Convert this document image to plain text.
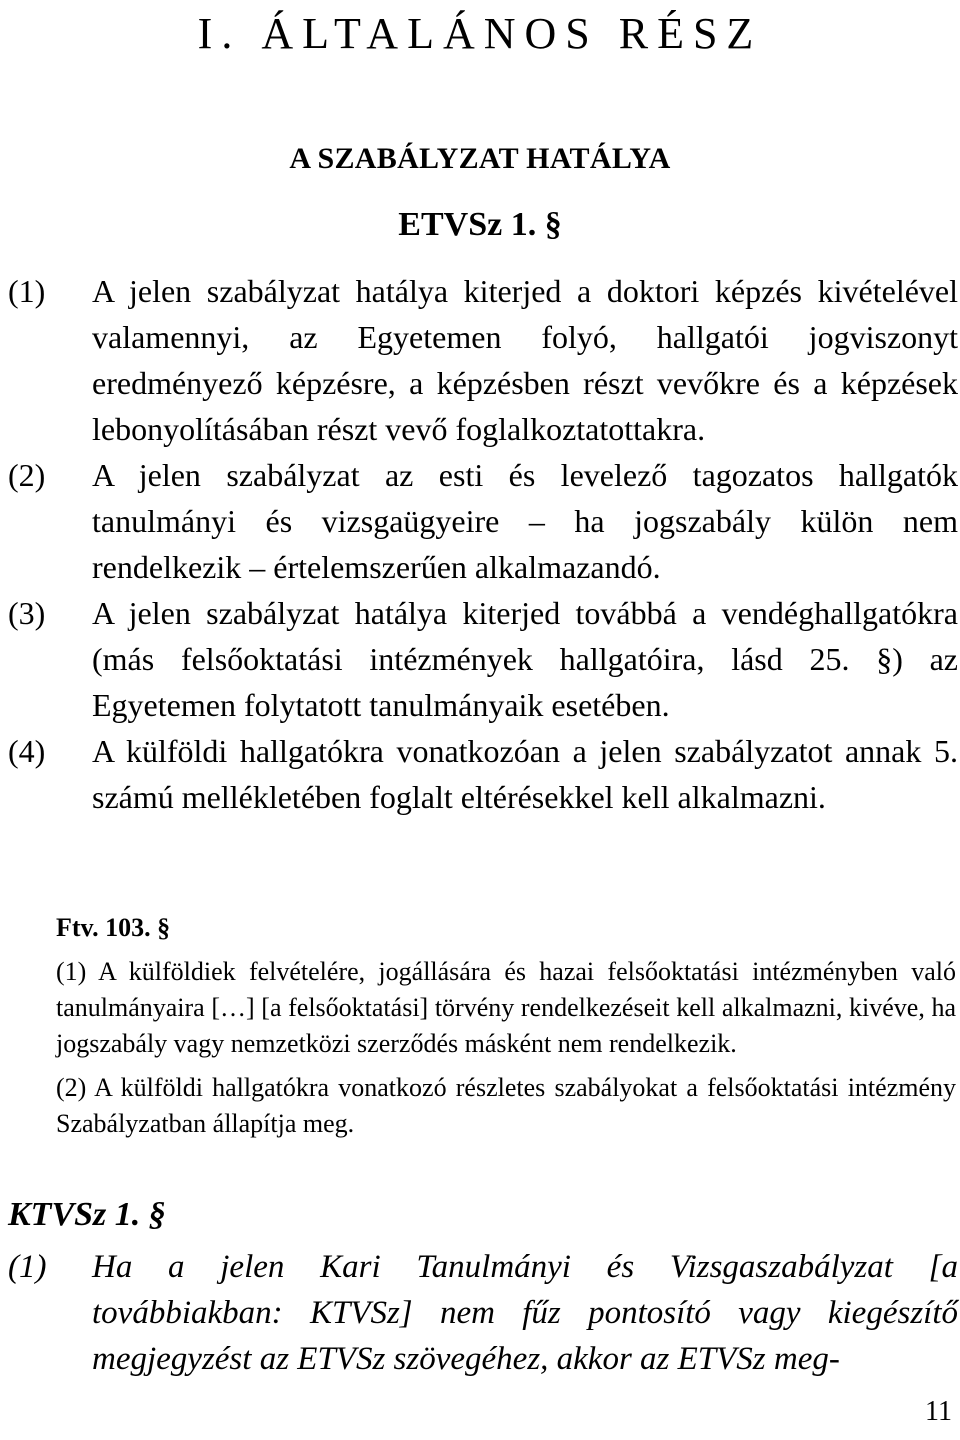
I. ÁLTALÁNOS RÉSZ
A SZABÁLYZAT HATÁLYA
ETVSz 1. §
(1)	A jelen szabályzat hatálya kiterjed a doktori képzés kivételével valamennyi, az Egyetemen folyó, hallgatói jogviszonyt eredményező képzésre, a képzésben részt vevőkre és a képzések lebonyolításában részt vevő foglalkoztatottakra.
(2)	A jelen szabályzat az esti és levelező tagozatos hallgatók tanulmányi és vizsgaügyeire – ha jogszabály külön nem rendelkezik – értelemszerűen alkalmazandó.
(3)	A jelen szabályzat hatálya kiterjed továbbá a vendéghallgatókra (más felsőoktatási intézmények hallgatóira, lásd 25. §) az Egyetemen folytatott tanulmányaik esetében.
(4)	A külföldi hallgatókra vonatkozóan a jelen szabályzatot annak 5. számú mellékletében foglalt eltérésekkel kell alkalmazni.
Ftv. 103. §

(1) A külföldiek felvételére, jogállására és hazai felsőoktatási intézményben való tanulmányaira […] [a felsőoktatási] törvény rendelkezéseit kell alkalmazni, kivéve, ha jogszabály vagy nemzetközi szerződés másként nem rendelkezik.

(2) A külföldi hallgatókra vonatkozó részletes szabályokat a felsőoktatási intézmény Szabályzatban állapítja meg.

KTVSz 1. §
(1)	Ha a jelen Kari Tanulmányi és Vizsgaszabályzat [a továbbiakban: KTVSz] nem fűz pontosító vagy kiegészítő megjegyzést az ETVSz szövegéhez, akkor az ETVSz meg-
11
